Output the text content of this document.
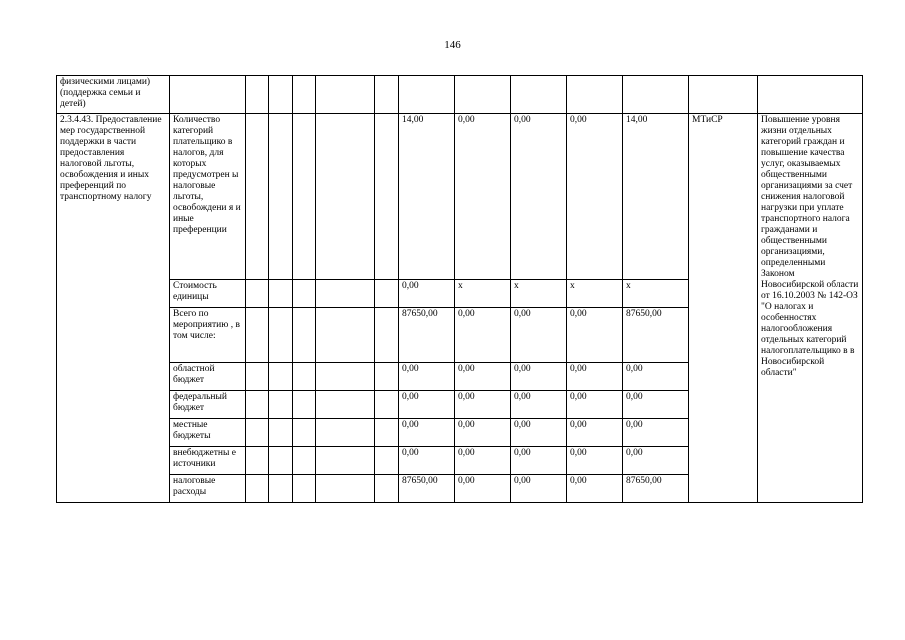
146
физическими лицами) (поддержка семьи и детей)													
2.3.4.43. Предоставление мер государственной поддержки в части предоставления налоговой льготы, освобождения и иных преференций по транспортному налогу	Количество категорий плательщико в налогов, для которых предусмотрен ы налоговые льготы, освобождени я и иные преференции						14,00	0,00	0,00	0,00	14,00	МТиСР	Повышение уровня жизни отдельных категорий граждан и повышение качества услуг, оказываемых общественными организациями за счет снижения налоговой нагрузки при уплате транспортного налога гражданами и общественными организациями, определенными Законом Новосибирской области от 16.10.2003 № 142-ОЗ "О налогах и особенностях налогообложения отдельных категорий налогоплательщико в в Новосибирской области"
	Стоимость единицы						0,00	x	x	x	x		
	Всего по мероприятию , в том числе:						87650,00	0,00	0,00	0,00	87650,00		
	областной бюджет						0,00	0,00	0,00	0,00	0,00		
	федеральный бюджет						0,00	0,00	0,00	0,00	0,00		
	местные бюджеты						0,00	0,00	0,00	0,00	0,00		
	внебюджетны е источники						0,00	0,00	0,00	0,00	0,00		
	налоговые расходы						87650,00	0,00	0,00	0,00	87650,00		
